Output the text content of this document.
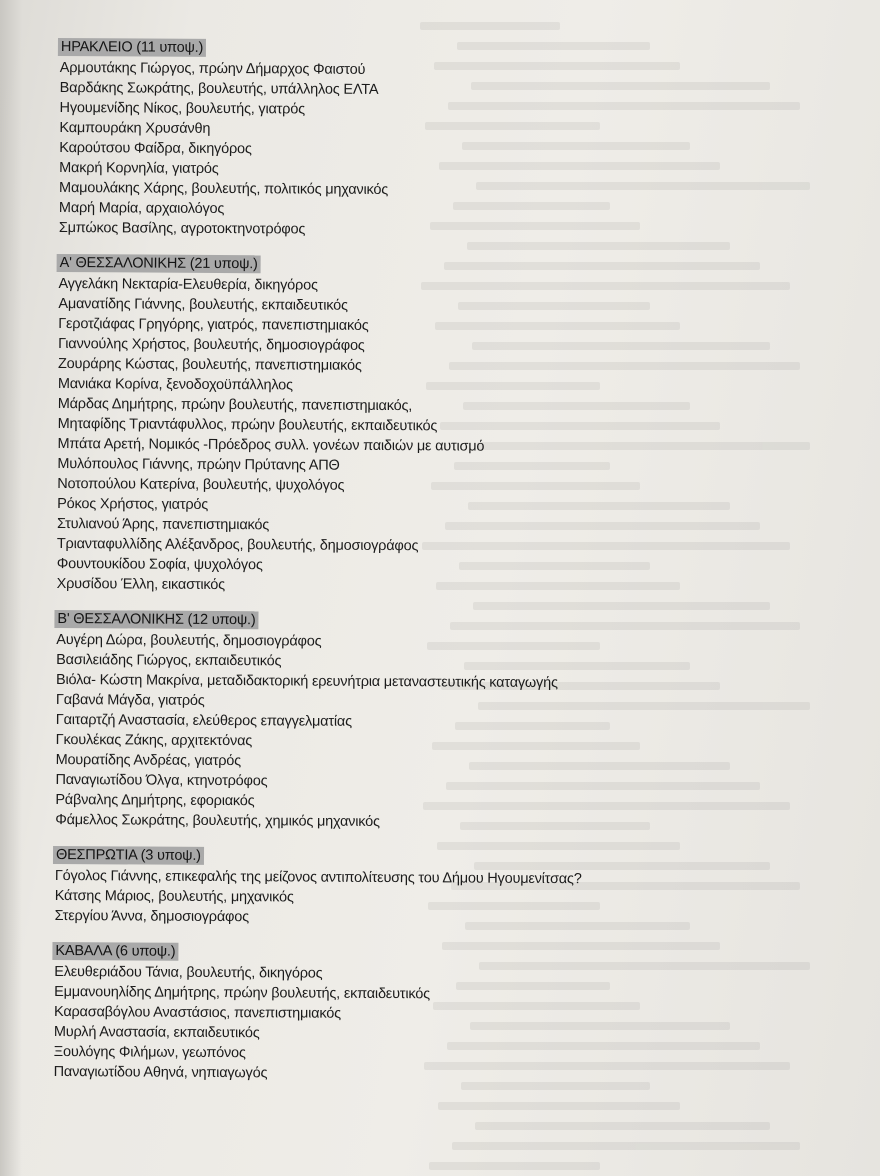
ΗΡΑΚΛΕΙΟ (11 υποψ.)
Αρμουτάκης Γιώργος, πρώην Δήμαρχος Φαιστού
Βαρδάκης Σωκράτης, βουλευτής, υπάλληλος ΕΛΤΑ
Ηγουμενίδης Νίκος, βουλευτής, γιατρός
Καμπουράκη Χρυσάνθη
Καρούτσου Φαίδρα, δικηγόρος
Μακρή Κορνηλία, γιατρός
Μαμουλάκης Χάρης, βουλευτής, πολιτικός μηχανικός
Μαρή Μαρία, αρχαιολόγος
Σμπώκος Βασίλης, αγροτοκτηνοτρόφος
Α' ΘΕΣΣΑΛΟΝΙΚΗΣ (21 υποψ.)
Αγγελάκη Νεκταρία-Ελευθερία, δικηγόρος
Αμανατίδης Γιάννης, βουλευτής, εκπαιδευτικός
Γεροτζιάφας Γρηγόρης, γιατρός, πανεπιστημιακός
Γιαννούλης Χρήστος, βουλευτής, δημοσιογράφος
Ζουράρης Κώστας, βουλευτής, πανεπιστημιακός
Μανιάκα Κορίνα, ξενοδοχοϋπάλληλος
Μάρδας Δημήτρης, πρώην βουλευτής, πανεπιστημιακός,
Μηταφίδης Τριαντάφυλλος, πρώην βουλευτής, εκπαιδευτικός
Μπάτα Αρετή, Νομικός -Πρόεδρος συλλ. γονέων παιδιών με αυτισμό
Μυλόπουλος Γιάννης, πρώην Πρύτανης ΑΠΘ
Νοτοπούλου Κατερίνα, βουλευτής, ψυχολόγος
Ρόκος Χρήστος, γιατρός
Στυλιανού Άρης, πανεπιστημιακός
Τριανταφυλλίδης Αλέξανδρος, βουλευτής, δημοσιογράφος
Φουντουκίδου Σοφία, ψυχολόγος
Χρυσίδου Έλλη, εικαστικός
Β' ΘΕΣΣΑΛΟΝΙΚΗΣ (12 υποψ.)
Αυγέρη Δώρα, βουλευτής, δημοσιογράφος
Βασιλειάδης Γιώργος, εκπαιδευτικός
Βιόλα- Κώστη Μακρίνα, μεταδιδακτορική ερευνήτρια μεταναστευτικής καταγωγής
Γαβανά Μάγδα, γιατρός
Γαιταρτζή Αναστασία, ελεύθερος επαγγελματίας
Γκουλέκας Ζάκης, αρχιτεκτόνας
Μουρατίδης Ανδρέας, γιατρός
Παναγιωτίδου Όλγα, κτηνοτρόφος
Ράβναλης Δημήτρης, εφοριακός
Φάμελλος Σωκράτης, βουλευτής, χημικός μηχανικός
ΘΕΣΠΡΩΤΙΑ (3 υποψ.)
Γόγολος Γιάννης, επικεφαλής της μείζονος αντιπολίτευσης του Δήμου Ηγουμενίτσας?
Κάτσης Μάριος, βουλευτής, μηχανικός
Στεργίου Άννα, δημοσιογράφος
ΚΑΒΑΛΑ (6 υποψ.)
Ελευθεριάδου Τάνια, βουλευτής, δικηγόρος
Εμμανουηλίδης Δημήτρης, πρώην βουλευτής, εκπαιδευτικός
Καρασαβόγλου Αναστάσιος, πανεπιστημιακός
Μυρλή Αναστασία, εκπαιδευτικός
Ξουλόγης Φιλήμων, γεωπόνος
Παναγιωτίδου Αθηνά, νηπιαγωγός
